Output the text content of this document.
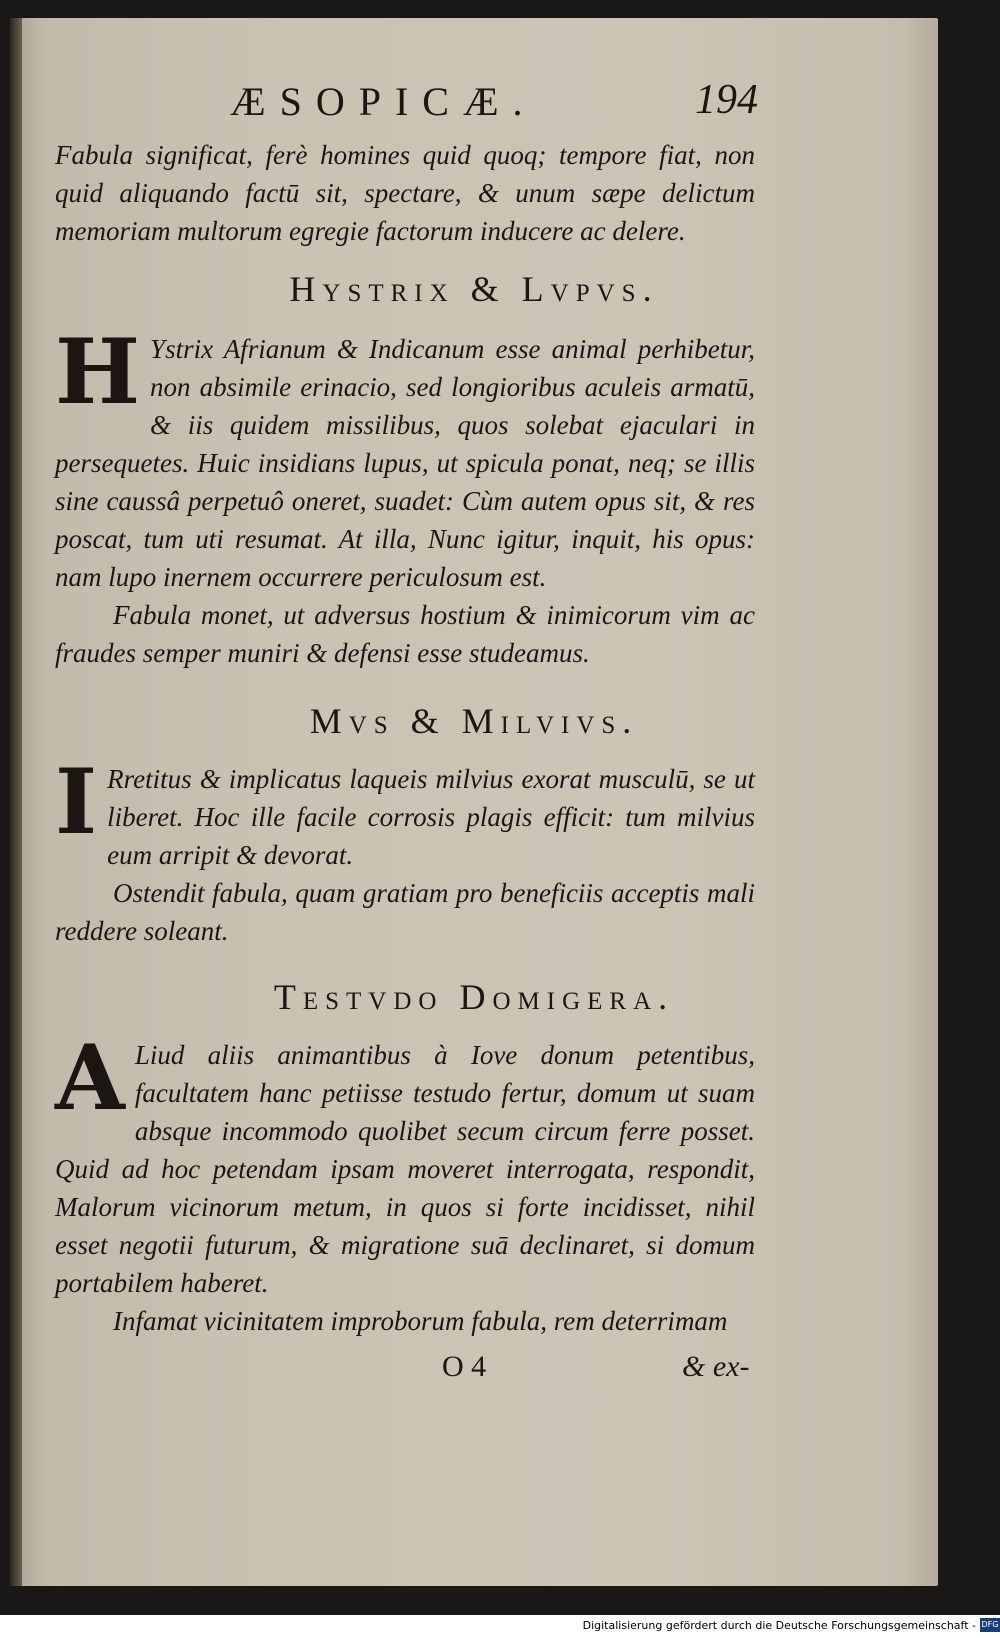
ÆSOPICÆ.	194

Fabula significat, ferè homines quid quoq; tempore fiat, non quid aliquando factū sit, spectare, & unum sæpe delictum memoriam multorum egregie factorum inducere ac delere.

Hystrix & Lvpvs.
H Ystrix Afrianum & Indicanum esse animal perhibetur, non absimile erinacio, sed longioribus aculeis armatū, & iis quidem missilibus, quos solebat ejaculari in persequetes. Huic insidians lupus, ut spicula ponat, neq; se illis sine caussâ perpetuô oneret, suadet: Cùm autem opus sit, & res poscat, tum uti resumat. At illa, Nunc igitur, inquit, his opus: nam lupo inernem occurrere periculosum est.

Fabula monet, ut adversus hostium & inimicorum vim ac fraudes semper muniri & defensi esse studeamus.

Mvs & Milvivs.
I Rretitus & implicatus laqueis milvius exorat musculū, se ut liberet. Hoc ille facile corrosis plagis efficit: tum milvius eum arripit & devorat.

Ostendit fabula, quam gratiam pro beneficiis acceptis mali reddere soleant.

Testvdo Domigera.
A Liud aliis animantibus à Iove donum petentibus, facultatem hanc petiisse testudo fertur, domum ut suam absque incommodo quolibet secum circum ferre posset. Quid ad hoc petendam ipsam moveret interrogata, respondit, Malorum vicinorum metum, in quos si forte incidisset, nihil esset negotii futurum, & migratione suā declinaret, si domum portabilem haberet.

Infamat vicinitatem improborum fabula, rem deterrimam

O 4	& ex-
Digitalisierung gefördert durch die Deutsche Forschungsgemeinschaft - DFG
